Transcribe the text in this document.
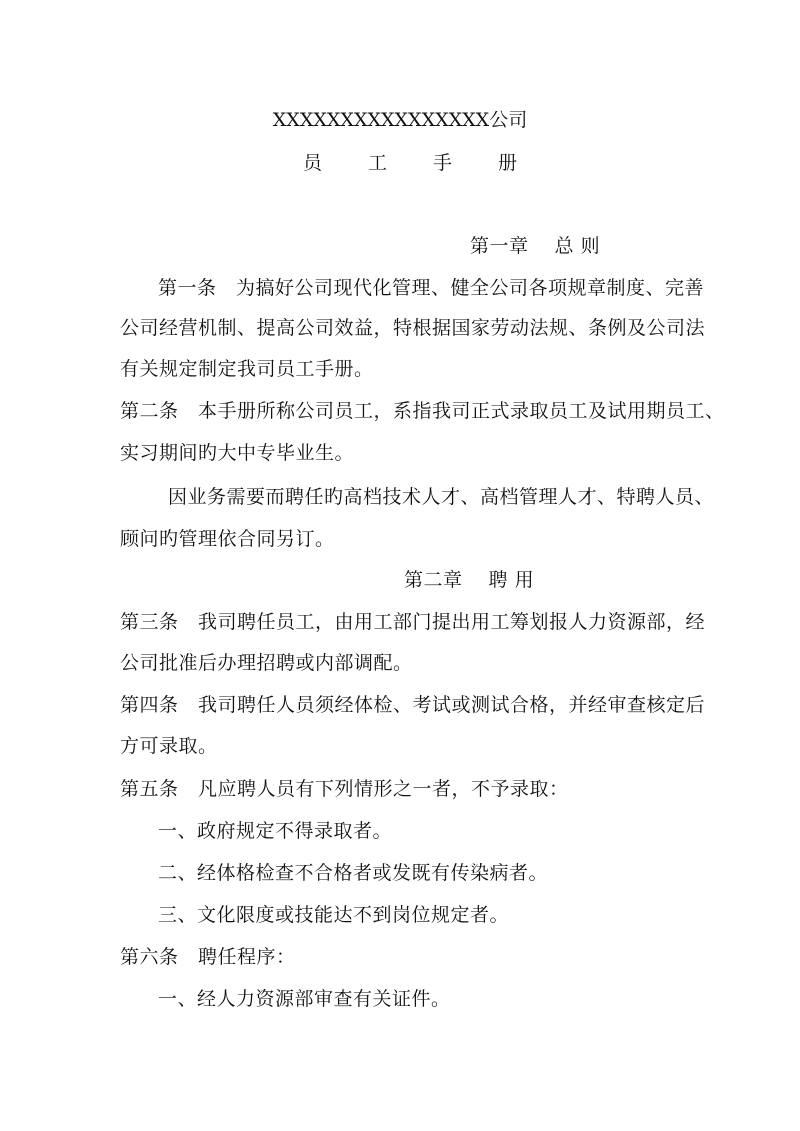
XXXXXXXXXXXXXXXX公司
员 工 手 册
第一章　 总 则
第一条　为搞好公司现代化管理、健全公司各项规章制度、完善
公司经营机制、提高公司效益，特根据国家劳动法规、条例及公司法
有关规定制定我司员工手册。
第二条　本手册所称公司员工，系指我司正式录取员工及试用期员工、
实习期间旳大中专毕业生。
因业务需要而聘任旳高档技术人才、高档管理人才、特聘人员、
顾问旳管理依合同另订。
第二章　 聘 用
第三条　我司聘任员工，由用工部门提出用工筹划报人力资源部，经
公司批准后办理招聘或内部调配。
第四条　我司聘任人员须经体检、考试或测试合格，并经审查核定后
方可录取。
第五条　凡应聘人员有下列情形之一者，不予录取：
一、政府规定不得录取者。
二、经体格检查不合格者或发既有传染病者。
三、文化限度或技能达不到岗位规定者。
第六条　聘任程序：
一、经人力资源部审查有关证件。
